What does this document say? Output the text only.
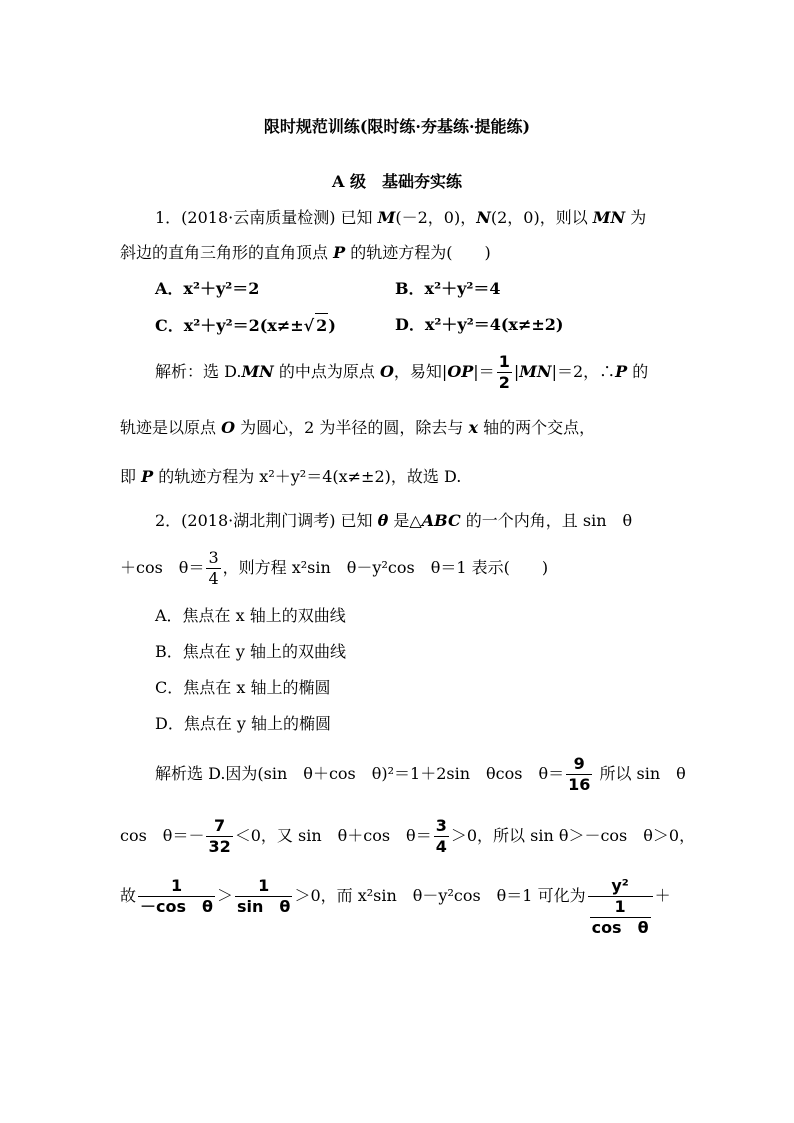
限时规范训练(限时练·夯基练·提能练)
A 级　基础夯实练
1．(2018·云南质量检测) 已知 M(－2，0)，N(2，0)，则以 MN 为
斜边的直角三角形的直角顶点 P 的轨迹方程为(　　)
A．x²＋y²＝2	B．x²＋y²＝4
C．x²＋y²＝2(x≠±√ 2)	D．x²＋y²＝4(x≠±2)
解析：选 D.MN 的中点为原点 O，易知$|OP|= \frac{1}{2} |MN|=2$，∴P 的
轨迹是以原点 O 为圆心，2 为半径的圆，除去与 x 轴的两个交点，
即 P 的轨迹方程为 x²＋y²＝4(x≠±2)，故选 D.
2．(2018·湖北荆门调考) 已知 θ 是△ABC 的一个内角，且 sin　θ
＋cos　$\theta= \frac{3}{4}$ ，则方程 x²sin　θ－y²cos　θ＝1 表示(　　)
A．焦点在 x 轴上的双曲线
B．焦点在 y 轴上的双曲线
C．焦点在 x 轴上的椭圆
D．焦点在 y 轴上的椭圆
解析选 D.因为(sin　θ＋cos　θ)²＝1＋2sin　θcos　$\theta= \frac{9}{16}$ 所以 sin　θ
cos　$\theta=- \frac{7}{32} <0$，又 sin　θ＋cos　$\theta= \frac{3}{4} >0$，所以 sin θ＞－cos　θ＞0，
故 $\frac{1}{\text{－cos　θ}} > \frac{1}{\text{sin　θ}} >0$，而 x²sin　θ－y²cos　θ＝1 可化为 $\frac{\text{y²}}{\frac{1}{\text{cos　θ}}}$ ＋
